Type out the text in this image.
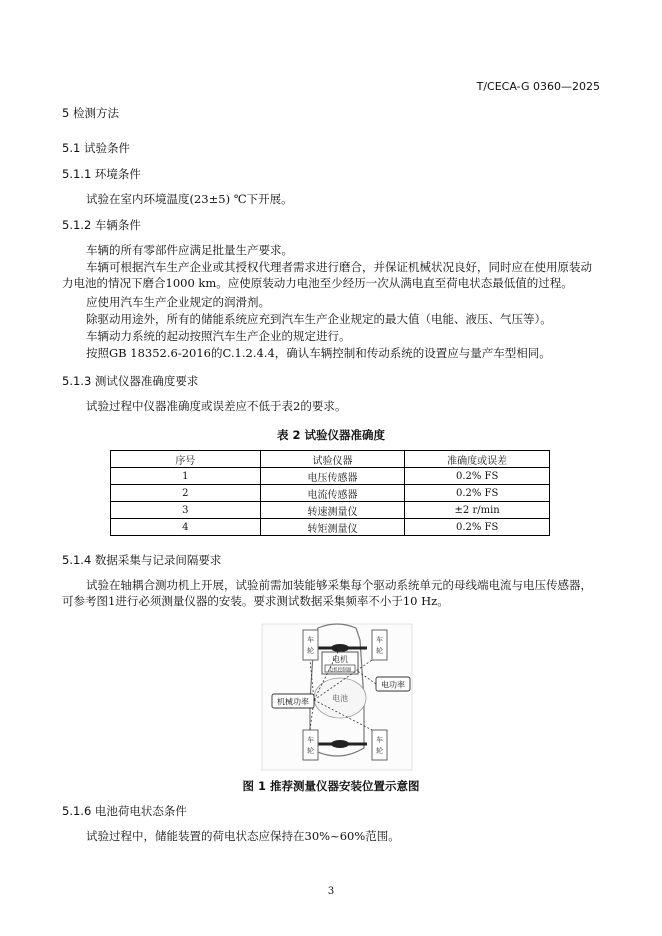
T/CECA-G 0360—2025
5 检测方法
5.1 试验条件
5.1.1 环境条件
试验在室内环境温度(23±5) ℃下开展。
5.1.2 车辆条件
车辆的所有零部件应满足批量生产要求。
车辆可根据汽车生产企业或其授权代理者需求进行磨合，并保证机械状况良好，同时应在使用原装动力电池的情况下磨合1000 km。应使原装动力电池至少经历一次从满电直至荷电状态最低值的过程。
应使用汽车生产企业规定的润滑剂。
除驱动用途外，所有的储能系统应充到汽车生产企业规定的最大值（电能、液压、气压等）。
车辆动力系统的起动按照汽车生产企业的规定进行。
按照GB 18352.6-2016的C.1.2.4.4，确认车辆控制和传动系统的设置应与量产车型相同。
5.1.3 测试仪器准确度要求
试验过程中仪器准确度或误差应不低于表2的要求。
表 2 试验仪器准确度
序号	试验仪器	准确度或误差
1	电压传感器	0.2% FS
2	电流传感器	0.2% FS
3	转速测量仪	±2 r/min
4	转矩测量仪	0.2% FS
5.1.4 数据采集与记录间隔要求
试验在轴耦合测功机上开展，试验前需加装能够采集每个驱动系统单元的母线端电流与电压传感器，可参考图1进行必须测量仪器的安装。要求测试数据采集频率不小于10 Hz。
车
轮
车
轮
车
轮
车
轮
电机
电机控制器
电池
电功率
机械功率
图 1 推荐测量仪器安装位置示意图
5.1.6 电池荷电状态条件
试验过程中，储能装置的荷电状态应保持在30%~60%范围。
3
